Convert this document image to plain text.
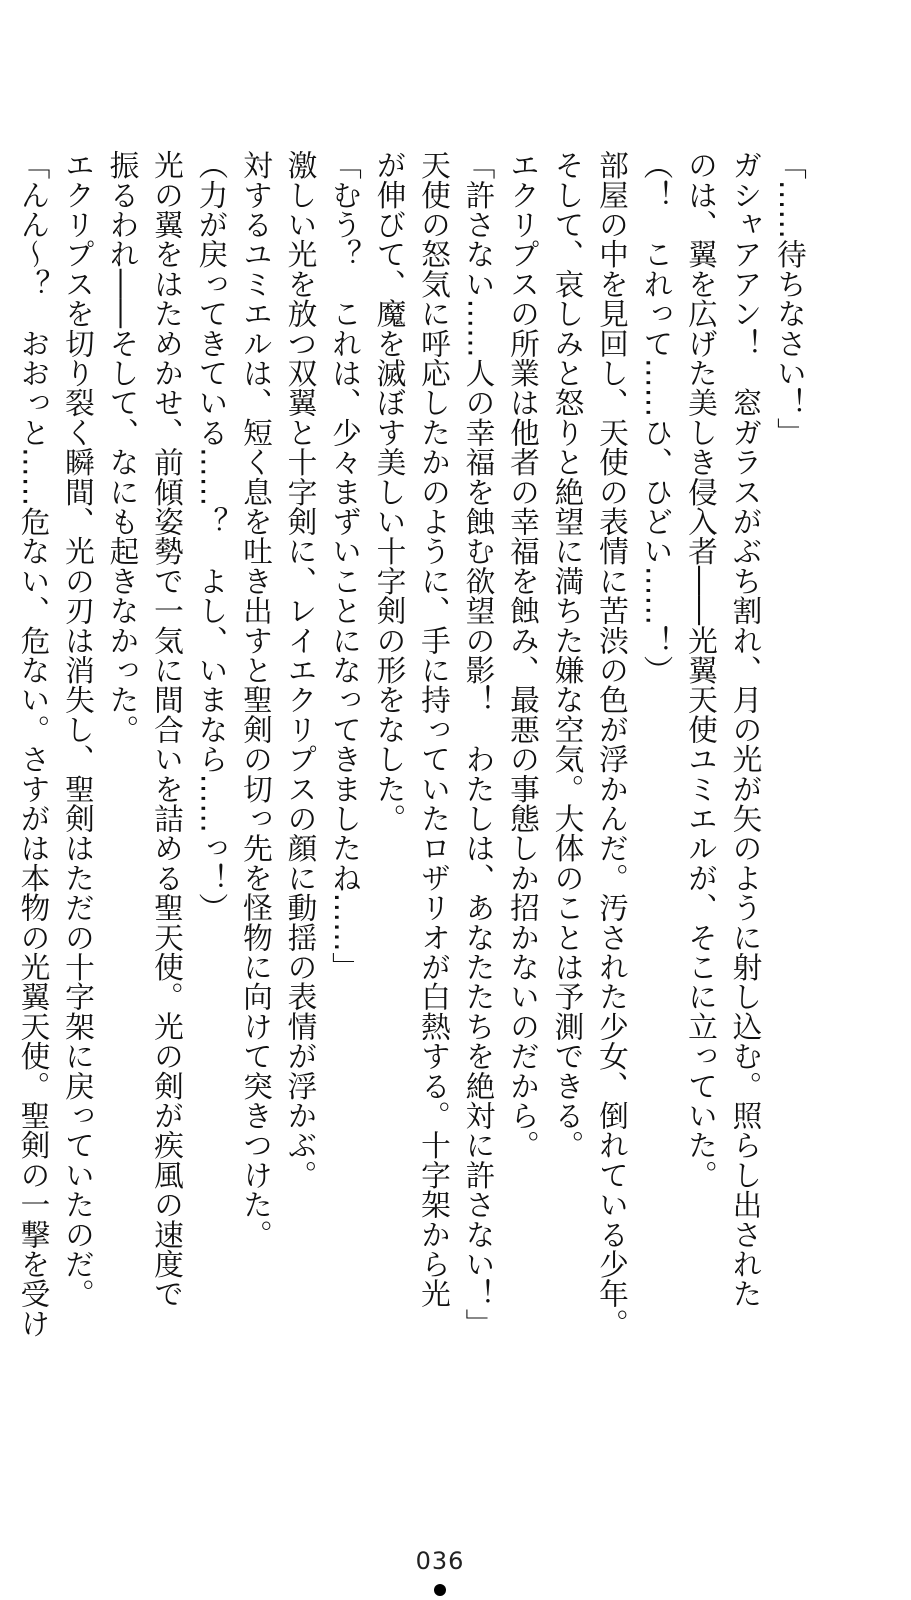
「……待ちなさい！」

ガシャアアン！　窓ガラスがぶち割れ、月の光が矢のように射し込む。照らし出された

のは、翼を広げた美しき侵入者――光翼天使ユミエルが、そこに立っていた。

（！　これって……ひ、ひどい……！）

部屋の中を見回し、天使の表情に苦渋の色が浮かんだ。汚された少女、倒れている少年。

そして、哀しみと怒りと絶望に満ちた嫌な空気。大体のことは予測できる。

エクリプスの所業は他者の幸福を蝕み、最悪の事態しか招かないのだから。

「許さない……人の幸福を蝕む欲望の影！　わたしは、あなたたちを絶対に許さない！」

天使の怒気に呼応したかのように、手に持っていたロザリオが白熱する。十字架から光

が伸びて、魔を滅ぼす美しい十字剣の形をなした。

「むう？　これは、少々まずいことになってきましたね……」

激しい光を放つ双翼と十字剣に、レイエクリプスの顔に動揺の表情が浮かぶ。

対するユミエルは、短く息を吐き出すと聖剣の切っ先を怪物に向けて突きつけた。

（力が戻ってきている……？　よし、いまなら……っ！）

光の翼をはためかせ、前傾姿勢で一気に間合いを詰める聖天使。光の剣が疾風の速度で

振るわれ――そして、なにも起きなかった。

エクリプスを切り裂く瞬間、光の刃は消失し、聖剣はただの十字架に戻っていたのだ。

「んん～？　おおっと……危ない、危ない。さすがは本物の光翼天使。聖剣の一撃を受け

036
